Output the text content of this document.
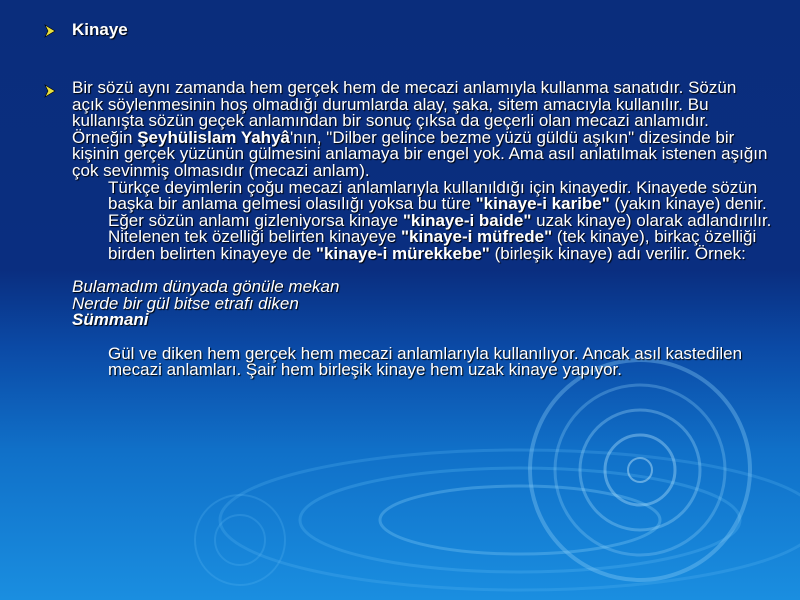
Kinaye

Bir sözü aynı zamanda hem gerçek hem de mecazi anlamıyla kullanma sanatıdır. Sözün açık söylenmesinin hoş olmadığı durumlarda alay, şaka, sitem amacıyla kullanılır. Bu kullanışta sözün geçek anlamından bir sonuç çıksa da geçerli olan mecazi anlamıdır. Örneğin Şeyhülislam Yahyâ'nın, "Dilber gelince bezme yüzü güldü aşıkın" dizesinde bir kişinin gerçek yüzünün gülmesini anlamaya bir engel yok. Ama asıl anlatılmak istenen aşığın çok sevinmiş olmasıdır (mecazi anlam).

Türkçe deyimlerin çoğu mecazi anlamlarıyla kullanıldığı için kinayedir. Kinayede sözün başka bir anlama gelmesi olasılığı yoksa bu türe "kinaye-i karibe" (yakın kinaye) denir. Eğer sözün anlamı gizleniyorsa kinaye "kinaye-i baide" uzak kinaye) olarak adlandırılır. Nitelenen tek özelliği belirten kinayeye "kinaye-i müfrede" (tek kinaye), birkaç özelliği birden belirten kinayeye de "kinaye-i mürekkebe" (birleşik kinaye) adı verilir. Örnek:

Bulamadım dünyada gönüle mekan

Nerde bir gül bitse etrafı diken

Sümmani

Gül ve diken hem gerçek hem mecazi anlamlarıyla kullanılıyor. Ancak asıl kastedilen mecazi anlamları. Şair hem birleşik kinaye hem uzak kinaye yapıyor.
